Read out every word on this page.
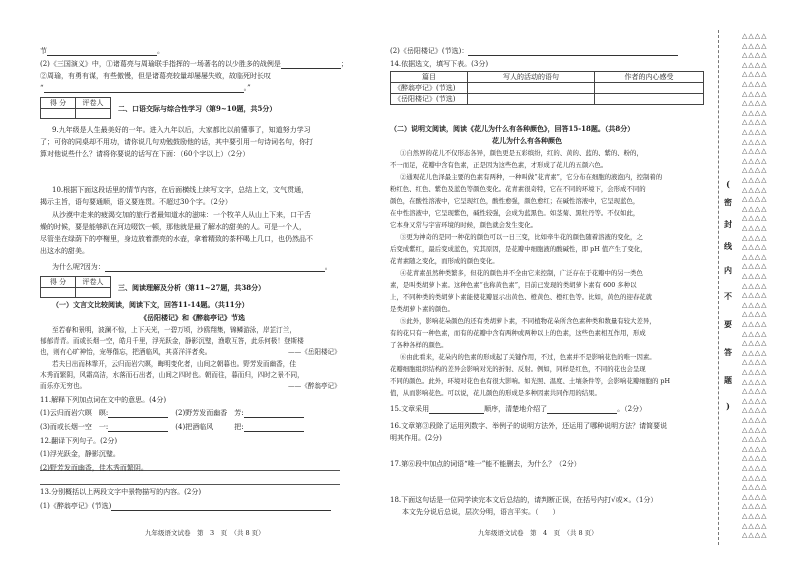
节	。
(2)《三国演义》中，①诸葛亮与周瑜联手指挥的一场著名的以少胜多的战例是	；
②周瑜，有勇有谋，有些傲慢，但是诸葛亮较量却屡屡失败，故临死时长叹
“	。”
得 分	评卷人

二、口语交际与综合性学习（第9~10题，共5分）
9.九年级是人生最美好的一年。进入九年以后，大家都比以前懂事了，知道努力学习
了；可你的同桌却不用功，请你说几句劝勉鼓励他的话，其中要引用一句诗词名句，你打
算对他说些什么？请将你要说的话写在下面：（60个字以上）（2分）
10.根据下面这段话里的情节内容，在后面横线上续写文字，总结上文，文气贯通，
揭示主旨，语句要通顺，语义要连贯。不超过30个字。（2分）
从沙漠中走来的疲渴交加的旅行者最知道水的滋味：一个牧羊人从山上下来，口干舌
燥的时候，要是能够趴在河边啜饮一顿，那他就是最了解水的甜美的人。可是一个人，
尽管坐在绿荫下的亭榭里，身边放着漂亮的水壶，拿着精致的茶杯喝上几口，也仍然品不
出这水的甜美。
为什么呢?因为：	。
得 分	评卷人

三、阅读理解及分析（第11~27题，共38分）
（一）文言文比较阅读，阅读下文，回答11-14题。（共11分）
《岳阳楼记》和《醉翁亭记》节选
至若春和景明，波澜不惊，上下天光，一碧万顷，沙鸥翔集，锦鳞游泳，岸芷汀兰，
郁郁青青。而或长烟一空，皓月千里，浮光跃金，静影沉璧，渔歌互答，此乐何极！登斯楼
也，则有心旷神怡，宠辱偕忘，把酒临风，其喜洋洋者矣。	——《岳阳楼记》
若夫日出而林霏开，云归而岩穴暝，晦明变化者，山间之朝暮也。野芳发而幽香，佳
木秀而繁阴，风霜高洁，水落而石出者，山间之四时也。朝而往，暮而归，四时之景不同，
而乐亦无穷也。	——《醉翁亭记》
11.解释下列加点词在文中的意思。(4分)
(1)云归而岩穴暝　 暝:　	(2)野芳发而幽香　 芳:
(3)而或长烟一空　 一:　	(4)把酒临风　　　	把:
12.翻译下列句子。(2分)
(1)浮光跃金，静影沉璧。
(2)野芳发而幽香，佳木秀而繁阴。
13.分别概括以上两段文字中景物描写的内容。(2分)
(1)《醉翁亭记》(节选)
九年级语文试卷　第　3　页　（共 8 页）
(2)《岳阳楼记》(节选)：
14.依据选文，填写下表。(3分)
篇目	写人的活动的语句	作者的内心感受
《醉翁亭记》(节选)		
《岳阳楼记》(节选)		
（二）说明文阅读，阅读《花儿为什么有各种颜色》，回答15-18题。（共8分）
花儿为什么有各种颜色
①自然界的花儿不仅形态各异，颜色更是五彩缤纷，红的、黄的、蓝的、紫的、粉的，
不一而足，花瓣中含有色素，正是因为这些色素，才形成了花儿的五颜六色。
②通观花儿色泽最主要的色素有两种，一种叫做“花青素”，它分布在细胞的液泡内，控制着的
粉红色、红色、紫色及蓝色等颜色变化。花青素很奇特，它在不同的环境下，会形成不同的
颜色，在酸性溶液中，它呈现红色，酸性愈强，颜色愈红；在碱性溶液中，它呈现蓝色，
在中性溶液中，它呈现紫色，碱性较强，会成为蓝黑色。如茎菊、黑牡丹等。不仅如此，
它本身又常与宇宙环境的时候，颜色就会发生变化。
③更为神奇的是同一种花的颜色可以一日三变，比如牵牛花的颜色随着溶液的变化，之
后变成紫红，最后变成蓝色，究其原因，是花瓣中细胞液的酸碱性，即 pH 值产生了变化，
花青素随之变化，而形成的颜色变化。
④花青素虽然种类繁多，但花的颜色并不全由它来控制，广泛存在于花瓣中的另一类色
素，是叫类胡萝卜素。这种色素“也称黄色素”，目前已发现的类胡萝卜素有 600 多种以
上，不同种类的类胡萝卜素能使花瓣显示出黄色、橙黄色、橙红色等。比如，黄色的迎春花就
是类胡萝卜素的颜色。
⑤此外，影响花朵颜色的还有类胡萝卜素，不同植物花朵所含色素种类和数量有较大差异，
有的花只有一种色素，而有的花瓣中含有两种或两种以上的色素，这些色素相互作用，形成
了各种各样的颜色。
⑥由此看来，花朵内的色素的形成起了关键作用，不过，色素并不是影响花色的唯一因素。
花瓣细胞组织结构的差异会影响对光的折射、反射。例如，同样是红色，不同的花也会呈现
不同的颜色。此外，环境对花色也有很大影响。如光照、温度、土壤条件等，会影响花瓣细胞的 pH
值，从而影响花色。可以说，花儿颜色的形成是多种因素共同作用的结果。
15.文章采用	顺序，清楚地介绍了	。（2分）
16.文章第③段除了运用列数字、举例子的说明方法外，还运用了哪种说明方法？请简要说
明其作用。(2分)
17.第⑥段中加点的词语“唯一”能不能删去，为什么？（2分）
18.下面这句话是一位同学读完本文后总结的，请判断正误，在括号内打√或×。（1分）
本文先分说后总说，层次分明，语言平实。（　　）
九年级语文试卷　第　4　页　（共 8 页）
(
密
封
线
内
不
要
答
题
)
△△△△
△△△△
△△△△
△△△△
△△△△
△△△△
△△△△
△△△△
△△△△
△△△△
△△△△
△△△△
△△△△
△△△△
△△△△
△△△△
△△△△
△△△△
△△△△
△△△△
△△△△
△△△△
△△△△
△△△△
△△△△
△△△△
△△△△
△△△△
△△△△
△△△△
△△△△
△△△△
△△△△
△△△△
△△△△
△△△△
△△△△
△△△△
△△△△
△△△△
△△△△
△△△△
△△△△
△△△△
△△△△
△△△△
△△△△
△△△△
△△△△
△△△△
△△△△
△△△△
△△△△
